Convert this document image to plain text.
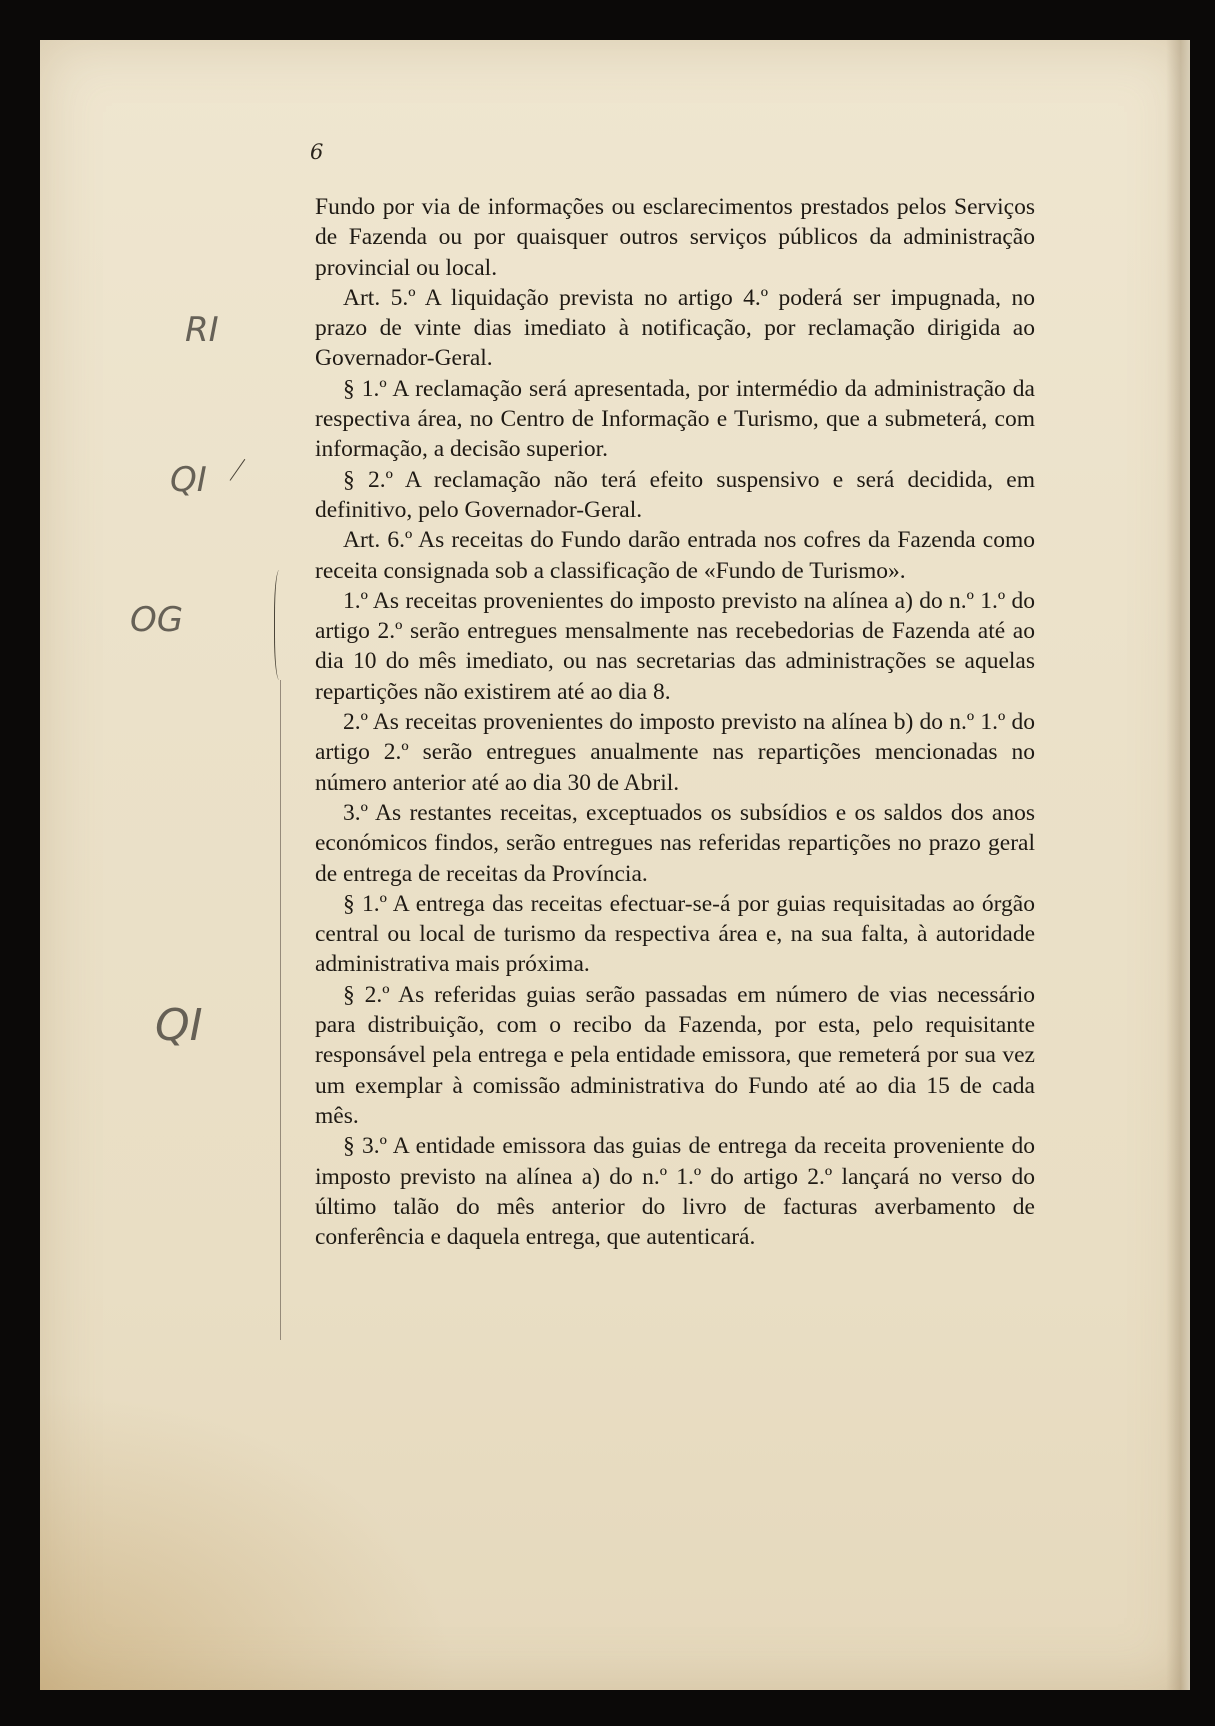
6
RI
QI
OG
QI

Fundo por via de informações ou esclarecimentos prestados pelos Serviços de Fazenda ou por quaisquer outros serviços públicos da administração provincial ou local.

Art. 5.º A liquidação prevista no artigo 4.º poderá ser impugnada, no prazo de vinte dias imediato à notificação, por reclamação dirigida ao Governador-Geral.

§ 1.º A reclamação será apresentada, por intermédio da administração da respectiva área, no Centro de Informação e Turismo, que a submeterá, com informação, a decisão superior.

§ 2.º A reclamação não terá efeito suspensivo e será decidida, em definitivo, pelo Governador-Geral.

Art. 6.º As receitas do Fundo darão entrada nos cofres da Fazenda como receita consignada sob a classificação de «Fundo de Turismo».

1.º As receitas provenientes do imposto previsto na alínea a) do n.º 1.º do artigo 2.º serão entregues mensalmente nas recebedorias de Fazenda até ao dia 10 do mês imediato, ou nas secretarias das administrações se aquelas repartições não existirem até ao dia 8.

2.º As receitas provenientes do imposto previsto na alínea b) do n.º 1.º do artigo 2.º serão entregues anualmente nas repartições mencionadas no número anterior até ao dia 30 de Abril.

3.º As restantes receitas, exceptuados os subsídios e os saldos dos anos económicos findos, serão entregues nas referidas repartições no prazo geral de entrega de receitas da Província.

§ 1.º A entrega das receitas efectuar-se-á por guias requisitadas ao órgão central ou local de turismo da respectiva área e, na sua falta, à autoridade administrativa mais próxima.

§ 2.º As referidas guias serão passadas em número de vias necessário para distribuição, com o recibo da Fazenda, por esta, pelo requisitante responsável pela entrega e pela entidade emissora, que remeterá por sua vez um exemplar à comissão administrativa do Fundo até ao dia 15 de cada mês.

§ 3.º A entidade emissora das guias de entrega da receita proveniente do imposto previsto na alínea a) do n.º 1.º do artigo 2.º lançará no verso do último talão do mês anterior do livro de facturas averbamento de conferência e daquela entrega, que autenticará.
